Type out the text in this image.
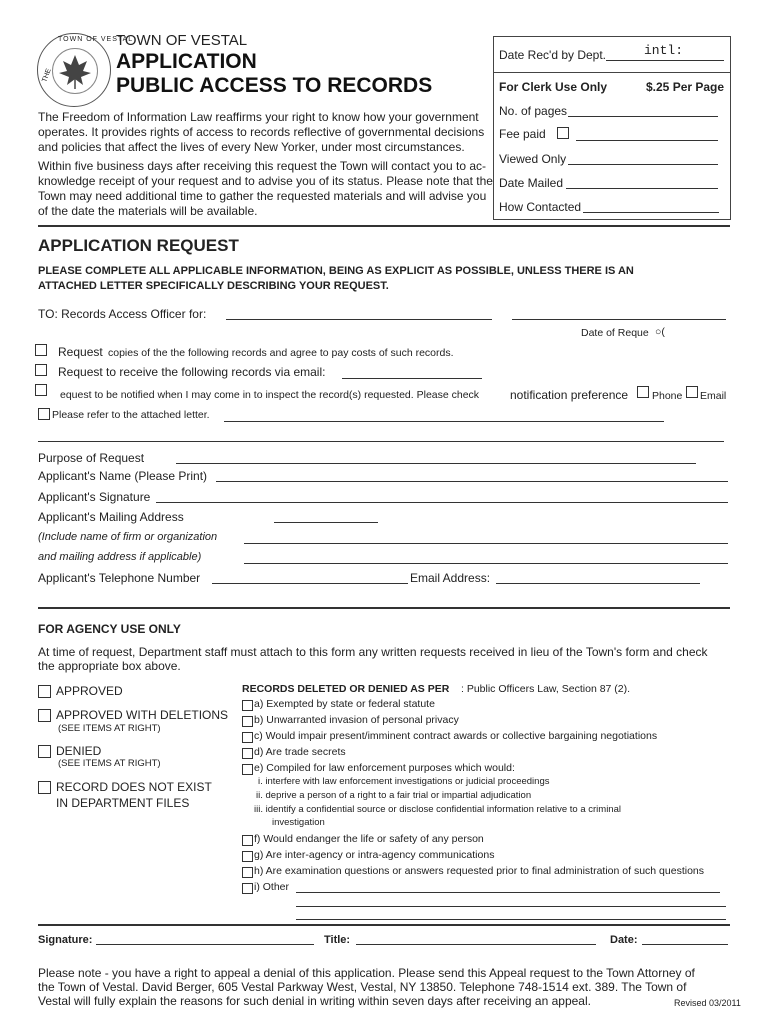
TOWN OF VESTAL
THE
TOWN OF VESTAL
APPLICATION
PUBLIC ACCESS TO RECORDS
The Freedom of Information Law reaffirms your right to know how your government
operates. It provides rights of access to records reflective of governmental decisions
and policies that affect the lives of every New Yorker, under most circumstances.
Within five business days after receiving this request the Town will contact you to ac-
knowledge receipt of your request and to advise you of its status. Please note that the
Town may need additional time to gather the requested materials and will advise you
of the date the materials will be available.
Date Rec'd by Dept.	intl:
For Clerk Use Only	$.25 Per Page
No. of pages
Fee paid
Viewed Only
Date Mailed
How Contacted
APPLICATION REQUEST
PLEASE COMPLETE ALL APPLICABLE INFORMATION, BEING AS EXPLICIT AS POSSIBLE, UNLESS THERE IS AN
ATTACHED LETTER SPECIFICALLY DESCRIBING YOUR REQUEST.
TO: Records Access Officer for:
Date of Reque ○(
Request copies of the the following records and agree to pay costs of such records.
Request to receive the following records via email:
equest to be notified when I may come in to inspect the record(s) requested. Please check	notification preference Phone Email
Please refer to the attached letter.
Purpose of Request
Applicant's Name (Please Print)
Applicant's Signature
Applicant's Mailing Address
(Include name of firm or organization
and mailing address if applicable)
Applicant's Telephone Number	Email Address:
FOR AGENCY USE ONLY
At time of request, Department staff must attach to this form any written requests received in lieu of the Town's form and check
the appropriate box above.
APPROVED
APPROVED WITH DELETIONS
(SEE ITEMS AT RIGHT)
DENIED
(SEE ITEMS AT RIGHT)
RECORD DOES NOT EXIST
IN DEPARTMENT FILES
RECORDS DELETED OR DENIED AS PER : Public Officers Law, Section 87 (2).
a) Exempted by state or federal statute
b) Unwarranted invasion of personal privacy
c) Would impair present/imminent contract awards or collective bargaining negotiations
d) Are trade secrets
e) Compiled for law enforcement purposes which would:
i. interfere with law enforcement investigations or judicial proceedings
ii. deprive a person of a right to a fair trial or impartial adjudication
iii. identify a confidential source or disclose confidential information relative to a criminal
investigation
f) Would endanger the life or safety of any person
g) Are inter-agency or intra-agency communications
h) Are examination questions or answers requested prior to final administration of such questions
i) Other
Signature:	Title:	Date:
Please note - you have a right to appeal a denial of this application. Please send this Appeal request to the Town Attorney of
the Town of Vestal. David Berger, 605 Vestal Parkway West, Vestal, NY 13850. Telephone 748-1514 ext. 389. The Town of
Vestal will fully explain the reasons for such denial in writing within seven days after receiving an appeal.	Revised 03/2011
